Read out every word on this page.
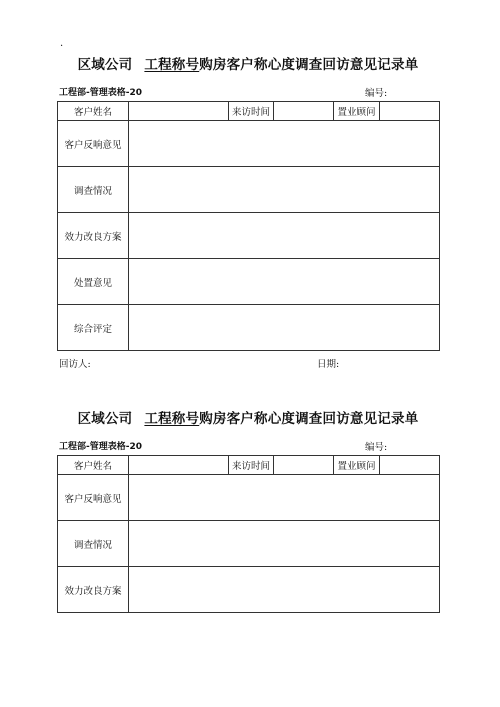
.
区域公司 工程称号购房客户称心度调查回访意见记录单
工程部-管理表格-20	编号:
客户姓名		来访时间		置业顾问	
客户反响意见					
调查情况					
效力改良方案					
处置意见					
综合评定					
回访人:	日期:
区域公司 工程称号购房客户称心度调查回访意见记录单
工程部-管理表格-20	编号:
客户姓名		来访时间		置业顾问	
客户反响意见					
调查情况					
效力改良方案					
